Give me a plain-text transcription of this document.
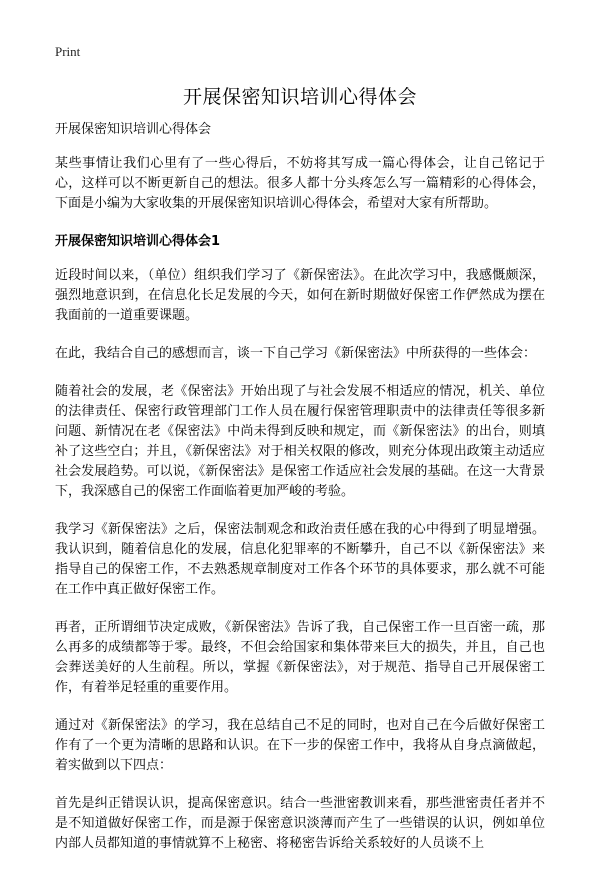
Print
开展保密知识培训心得体会

开展保密知识培训心得体会

某些事情让我们心里有了一些心得后，不妨将其写成一篇心得体会，让自己铭记于心，这样可以不断更新自己的想法。很多人都十分头疼怎么写一篇精彩的心得体会，下面是小编为大家收集的开展保密知识培训心得体会，希望对大家有所帮助。

开展保密知识培训心得体会1

近段时间以来，（单位）组织我们学习了《新保密法》。在此次学习中，我感慨颇深，强烈地意识到，在信息化长足发展的今天，如何在新时期做好保密工作俨然成为摆在我面前的一道重要课题。

在此，我结合自己的感想而言，谈一下自己学习《新保密法》中所获得的一些体会：

随着社会的发展，老《保密法》开始出现了与社会发展不相适应的情况，机关、单位的法律责任、保密行政管理部门工作人员在履行保密管理职责中的法律责任等很多新问题、新情况在老《保密法》中尚未得到反映和规定，而《新保密法》的出台，则填补了这些空白；并且，《新保密法》对于相关权限的修改，则充分体现出政策主动适应社会发展趋势。可以说，《新保密法》是保密工作适应社会发展的基础。在这一大背景下，我深感自己的保密工作面临着更加严峻的考验。

我学习《新保密法》之后，保密法制观念和政治责任感在我的心中得到了明显增强。我认识到，随着信息化的发展，信息化犯罪率的不断攀升，自己不以《新保密法》来指导自己的保密工作，不去熟悉规章制度对工作各个环节的具体要求，那么就不可能在工作中真正做好保密工作。

再者，正所谓细节决定成败，《新保密法》告诉了我，自己保密工作一旦百密一疏，那么再多的成绩都等于零。最终，不但会给国家和集体带来巨大的损失，并且，自己也会葬送美好的人生前程。所以，掌握《新保密法》，对于规范、指导自己开展保密工作，有着举足轻重的重要作用。

通过对《新保密法》的学习，我在总结自己不足的同时，也对自己在今后做好保密工作有了一个更为清晰的思路和认识。在下一步的保密工作中，我将从自身点滴做起，着实做到以下四点：

首先是纠正错误认识，提高保密意识。结合一些泄密教训来看，那些泄密责任者并不是不知道做好保密工作，而是源于保密意识淡薄而产生了一些错误的认识，例如单位内部人员都知道的事情就算不上秘密、将秘密告诉给关系较好的人员谈不上
